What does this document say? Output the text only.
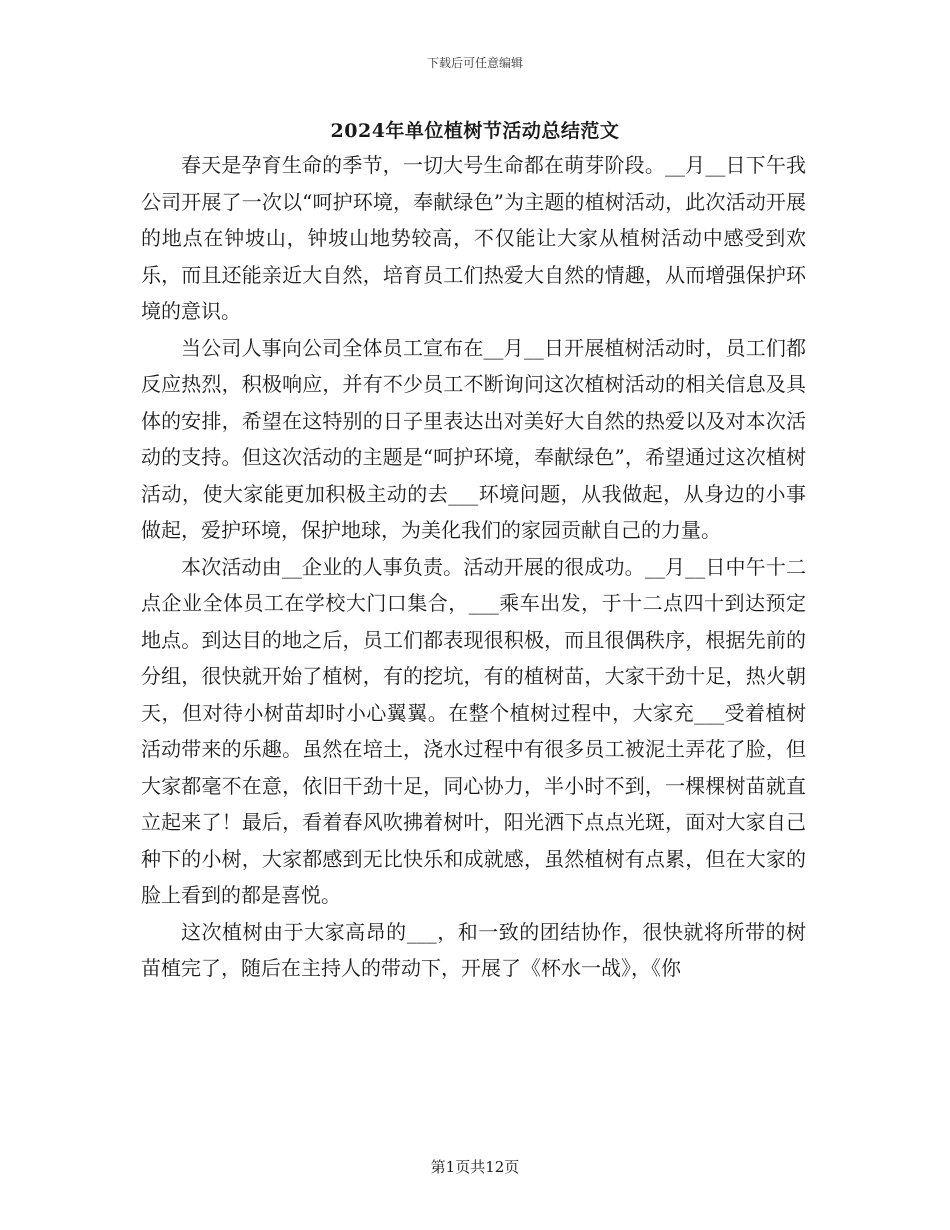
下载后可任意编辑
2024年单位植树节活动总结范文

春天是孕育生命的季节，一切大号生命都在萌芽阶段。__月__日下午我公司开展了一次以“呵护环境，奉献绿色”为主题的植树活动，此次活动开展的地点在钟坡山，钟坡山地势较高，不仅能让大家从植树活动中感受到欢乐，而且还能亲近大自然，培育员工们热爱大自然的情趣，从而增强保护环境的意识。

当公司人事向公司全体员工宣布在__月__日开展植树活动时，员工们都反应热烈，积极响应，并有不少员工不断询问这次植树活动的相关信息及具体的安排，希望在这特别的日子里表达出对美好大自然的热爱以及对本次活动的支持。但这次活动的主题是“呵护环境，奉献绿色”，希望通过这次植树活动，使大家能更加积极主动的去___环境问题，从我做起，从身边的小事做起，爱护环境，保护地球，为美化我们的家园贡献自己的力量。

本次活动由__企业的人事负责。活动开展的很成功。__月__日中午十二点企业全体员工在学校大门口集合，___乘车出发，于十二点四十到达预定地点。到达目的地之后，员工们都表现很积极，而且很偶秩序，根据先前的分组，很快就开始了植树，有的挖坑，有的植树苗，大家干劲十足，热火朝天，但对待小树苗却时小心翼翼。在整个植树过程中，大家充___受着植树活动带来的乐趣。虽然在培土，浇水过程中有很多员工被泥土弄花了脸，但大家都毫不在意，依旧干劲十足，同心协力，半小时不到，一棵棵树苗就直立起来了！最后，看着春风吹拂着树叶，阳光洒下点点光斑，面对大家自己种下的小树，大家都感到无比快乐和成就感，虽然植树有点累，但在大家的脸上看到的都是喜悦。

这次植树由于大家高昂的___，和一致的团结协作，很快就将所带的树苗植完了，随后在主持人的带动下，开展了《杯水一战》，《你

第1页共12页
